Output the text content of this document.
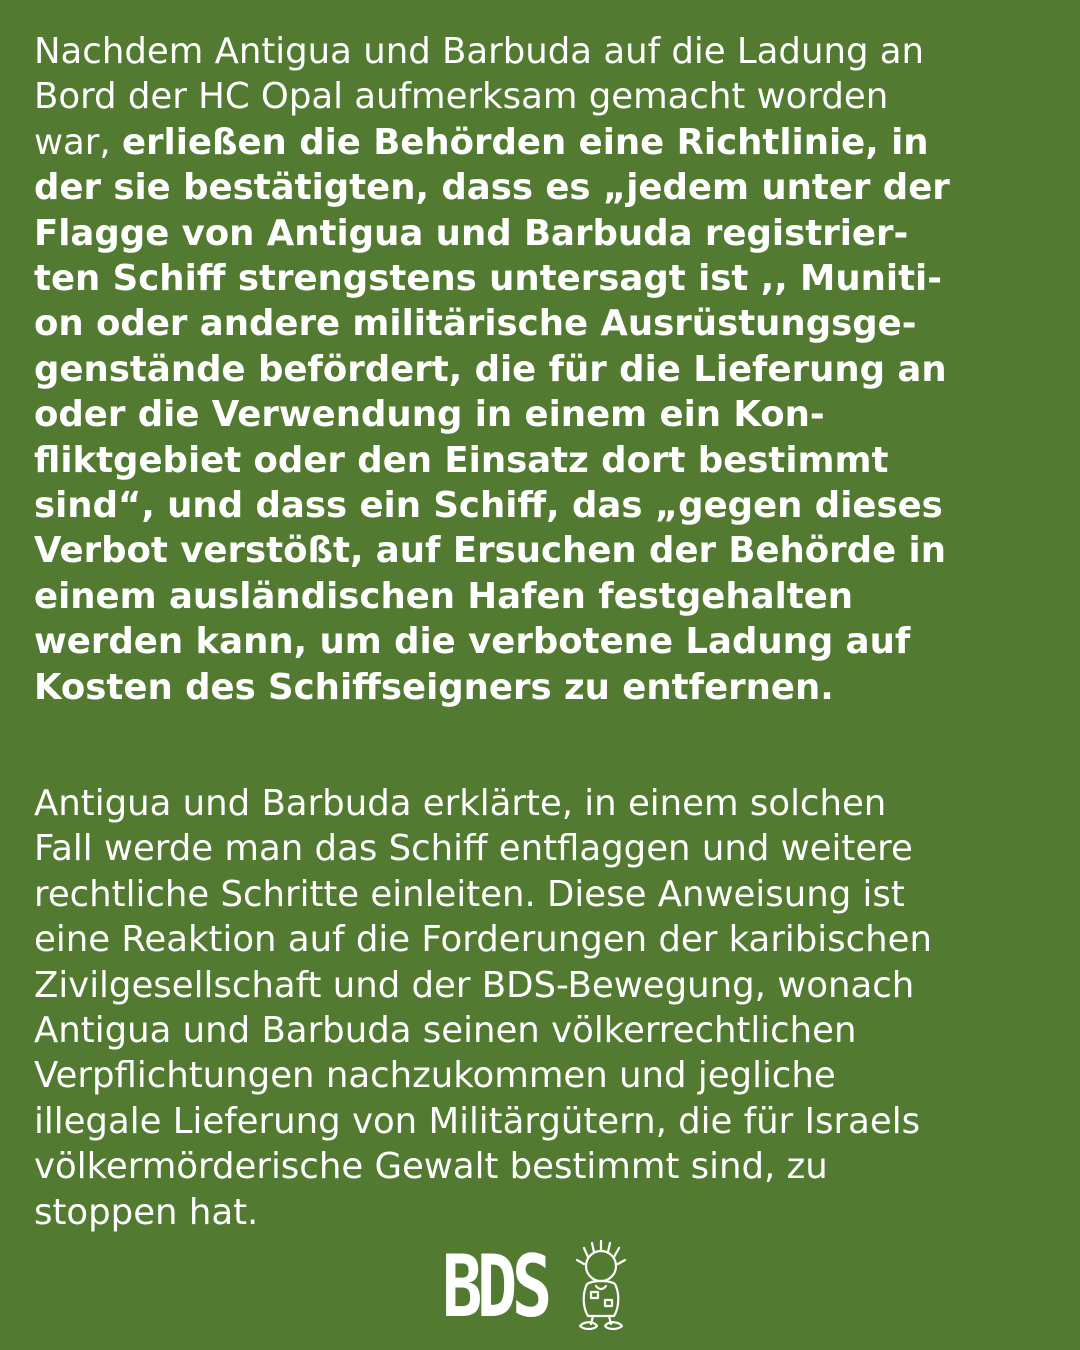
Nachdem Antigua und Barbuda auf die Ladung an
Bord der HC Opal aufmerksam gemacht worden
war, erließen die Behörden eine Richtlinie, in
der sie bestätigten, dass es „jedem unter der
Flagge von Antigua und Barbuda registrier-
ten Schiff strengstens untersagt ist ,, Muniti-
on oder andere militärische Ausrüstungsge-
genstände befördert, die für die Lieferung an
oder die Verwendung in einem ein Kon-
fliktgebiet oder den Einsatz dort bestimmt
sind“, und dass ein Schiff, das „gegen dieses
Verbot verstößt, auf Ersuchen der Behörde in
einem ausländischen Hafen festgehalten
werden kann, um die verbotene Ladung auf
Kosten des Schiffseigners zu entfernen.
Antigua und Barbuda erklärte, in einem solchen
Fall werde man das Schiff entflaggen und weitere
rechtliche Schritte einleiten. Diese Anweisung ist
eine Reaktion auf die Forderungen der karibischen
Zivilgesellschaft und der BDS-Bewegung, wonach
Antigua und Barbuda seinen völkerrechtlichen
Verpflichtungen nachzukommen und jegliche
illegale Lieferung von Militärgütern, die für Israels
völkermörderische Gewalt bestimmt sind, zu
stoppen hat.
BDS
